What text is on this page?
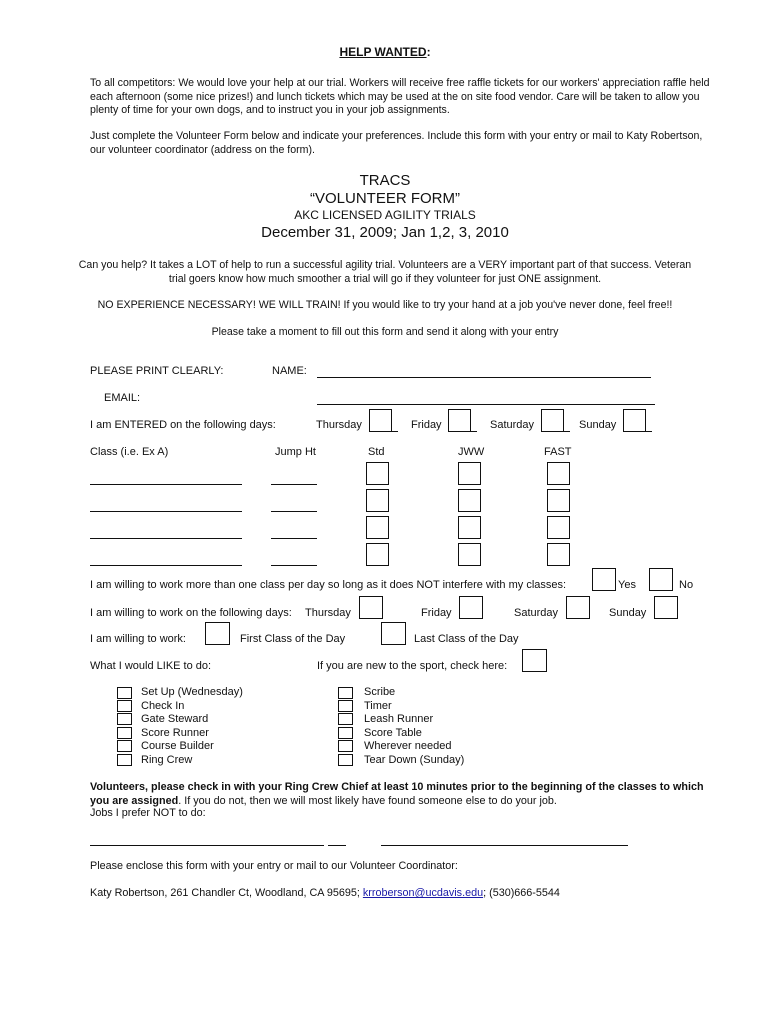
HELP WANTED:
To all competitors: We would love your help at our trial. Workers will receive free raffle tickets for our workers' appreciation raffle held each afternoon (some nice prizes!) and lunch tickets which may be used at the on site food vendor. Care will be taken to allow you plenty of time for your own dogs, and to instruct you in your job assignments.
Just complete the Volunteer Form below and indicate your preferences. Include this form with your entry or mail to Katy Robertson, our volunteer coordinator (address on the form).
TRACS
“VOLUNTEER FORM”
AKC LICENSED AGILITY TRIALS
December 31, 2009; Jan 1,2, 3, 2010
Can you help? It takes a LOT of help to run a successful agility trial. Volunteers are a VERY important part of that success. Veteran
trial goers know how much smoother a trial will go if they volunteer for just ONE assignment.
NO EXPERIENCE NECESSARY! WE WILL TRAIN! If you would like to try your hand at a job you've never done, feel free!!
Please take a moment to fill out this form and send it along with your entry
PLEASE PRINT CLEARLY:	NAME:
EMAIL:
I am ENTERED on the following days:	Thursday	Friday	Saturday	Sunday
Class (i.e. Ex A)	Jump Ht	Std	JWW	FAST
I am willing to work more than one class per day so long as it does NOT interfere with my classes:	Yes	No
I am willing to work on the following days: Thursday	Friday	Saturday	Sunday
I am willing to work:	First Class of the Day	Last Class of the Day
What I would LIKE to do:	If you are new to the sport, check here:
Set Up (Wednesday)
Check In
Gate Steward
Score Runner
Course Builder
Ring Crew
Scribe
Timer
Leash Runner
Score Table
Wherever needed
Tear Down (Sunday)
Volunteers, please check in with your Ring Crew Chief at least 10 minutes prior to the beginning of the classes to which you are assigned. If you do not, then we will most likely have found someone else to do your job.
Jobs I prefer NOT to do:
Please enclose this form with your entry or mail to our Volunteer Coordinator:
Katy Robertson, 261 Chandler Ct, Woodland, CA 95695; krroberson@ucdavis.edu; (530)666-5544
